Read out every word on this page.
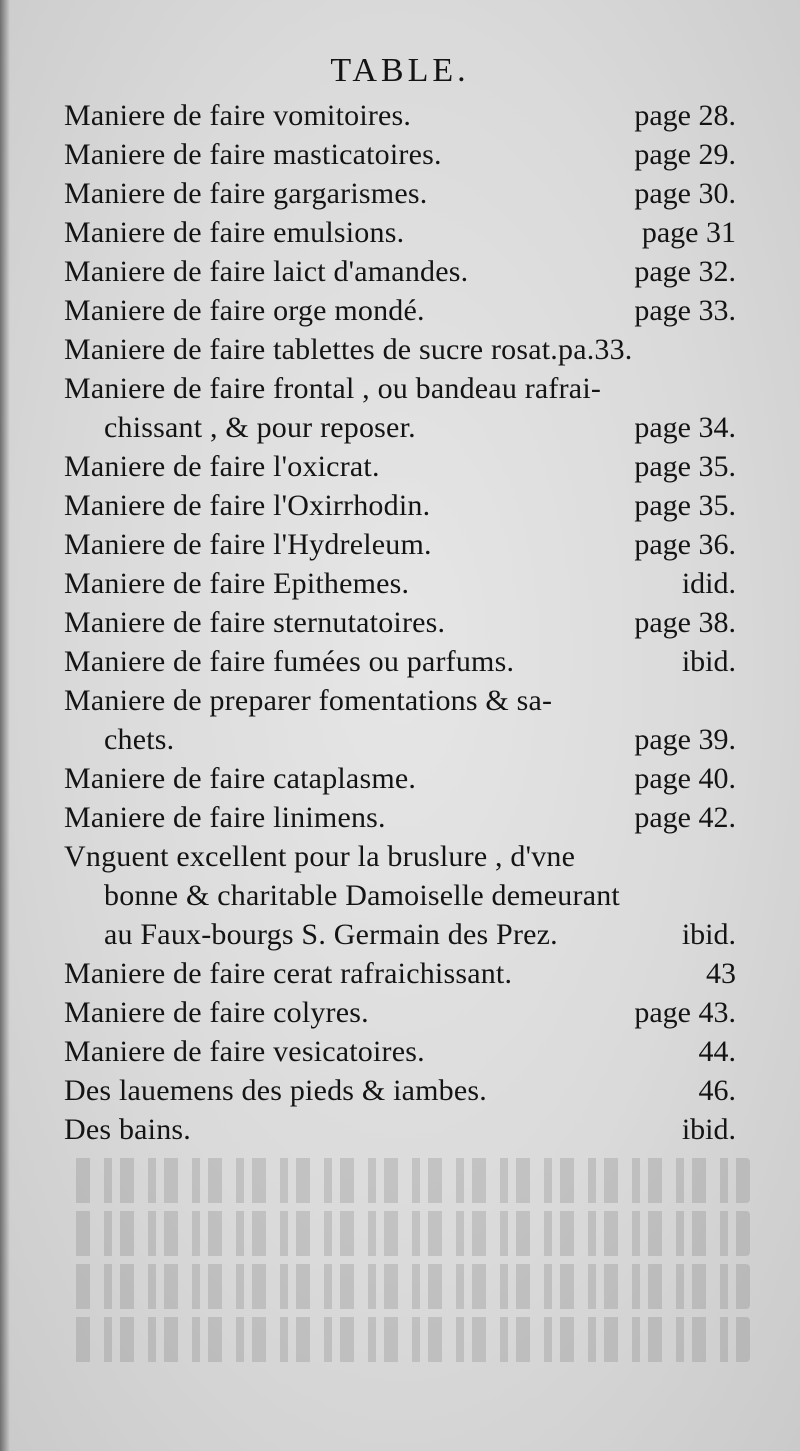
TABLE.
Maniere de faire vomitoires.	page 28.
Maniere de faire masticatoires.	page 29.
Maniere de faire gargarismes.	page 30.
Maniere de faire emulsions.	page 31
Maniere de faire laict d'amandes.	page 32.
Maniere de faire orge mondé.	page 33.
Maniere de faire tablettes de sucre rosat.pa.33.
Maniere de faire frontal , ou bandeau rafrai-
chissant , & pour reposer.	page 34.
Maniere de faire l'oxicrat.	page 35.
Maniere de faire l'Oxirrhodin.	page 35.
Maniere de faire l'Hydreleum.	page 36.
Maniere de faire Epithemes.	idid.
Maniere de faire sternutatoires.	page 38.
Maniere de faire fumées ou parfums.	ibid.
Maniere de preparer fomentations & sa-
chets.	page 39.
Maniere de faire cataplasme.	page 40.
Maniere de faire linimens.	page 42.
Vnguent excellent pour la bruslure , d'vne
bonne & charitable Damoiselle demeurant
au Faux-bourgs S. Germain des Prez.	ibid.
Maniere de faire cerat rafraichissant.	43
Maniere de faire colyres.	page 43.
Maniere de faire vesicatoires.	44.
Des lauemens des pieds & iambes.	46.
Des bains.	ibid.
